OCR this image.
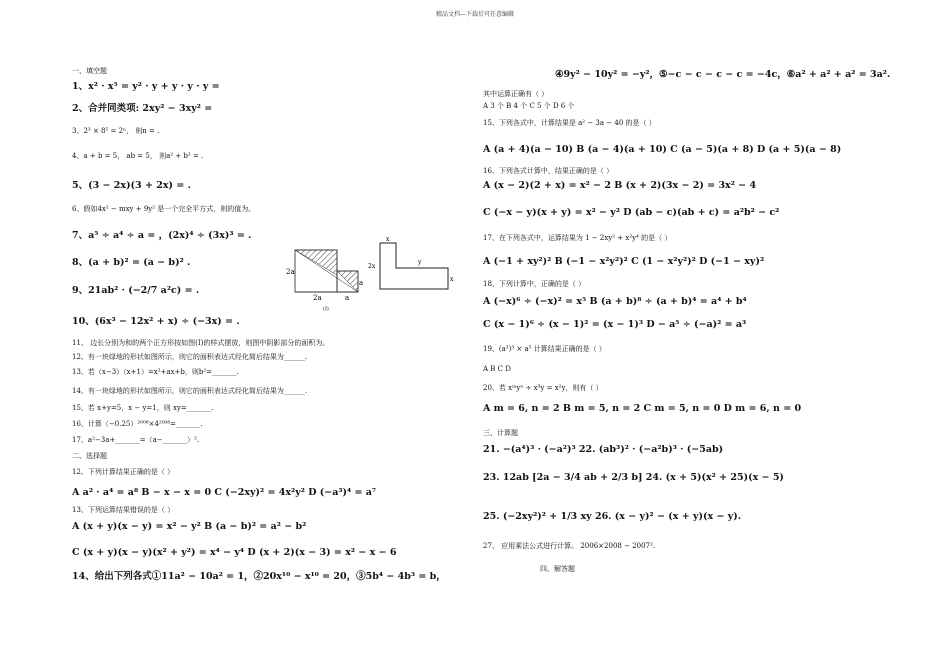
精品文档---下载后可任意编辑
一、填空题
1、x² · x⁵ = y² · y + y · y · y =
2、合并同类项: 2xy² − 3xy² =
3、2³ × 8⁵ = 2ⁿ， 则n = .
4、a + b = 5， ab = 5， 则a² + b² = .
5、(3 − 2x)(3 + 2x) = .
6、假如4x² − mxy + 9y² 是一个完全平方式，则的值为。
7、a⁵ ÷ a⁴ ÷ a = ，(2x)⁴ ÷ (3x)³ = .
8、(a + b)² = (a − b)² .
9、21ab² · (−2/7 a²c) = .
10、(6x³ − 12x² + x) ÷ (−3x) = .
11、 边长分别为和的两个正方形按如图(I)的样式摆放，则图中阴影部分的面积为。
12、有一块绿地的形状如图所示，则它的面积表达式经化简后结果为______.
13、若（x−3）（x+1）=x²+ax+b，则b²=_______.
14、有一块绿地的形状如图所示，则它的面积表达式经化简后结果为______.
15、若 x+y=5，x − y=1，则 xy=_______.
16、计算（−0.25）²⁰⁰⁸×4²⁰⁰⁸=_______.
17、a²−3a+_______=（a−_______）².
二、选择题
12、下列计算结果正确的是（ ）
A a² · a⁴ = a⁸ B − x − x = 0 C (−2xy)² = 4x²y² D (−a³)⁴ = a⁷
13、下列运算结果错误的是（ ）
A (x + y)(x − y) = x² − y² B (a − b)² = a² − b²
C (x + y)(x − y)(x² + y²) = x⁴ − y⁴ D (x + 2)(x − 3) = x² − x − 6
14、给出下列各式①11a² − 10a² = 1，②20x¹⁰ − x¹⁰ = 20，③5b⁴ − 4b³ = b，
④9y² − 10y² = −y²，⑤−c − c − c − c = −4c，⑥a² + a² + a² = 3a².
其中运算正确有（ ）
A 3 个 B 4 个 C 5 个 D 6 个
15、下列各式中，计算结果是 a² − 3a − 40 的是（ ）
A (a + 4)(a − 10) B (a − 4)(a + 10) C (a − 5)(a + 8) D (a + 5)(a − 8)
16、下列各式计算中，结果正确的是（ ）
A (x − 2)(2 + x) = x² − 2 B (x + 2)(3x − 2) = 3x² − 4
C (−x − y)(x + y) = x² − y² D (ab − c)(ab + c) = a²b² − c²
17、在下列各式中，运算结果为 1 − 2xy² + x²y⁴ 的是（ ）
A (−1 + xy²)² B (−1 − x²y²)² C (1 − x²y²)² D (−1 − xy)²
18、下列计算中，正确的是（ ）
A (−x)⁶ ÷ (−x)² = x⁵ B (a + b)⁸ ÷ (a + b)⁴ = a⁴ + b⁴
C (x − 1)⁶ ÷ (x − 1)² = (x − 1)³ D − a⁵ ÷ (−a)² = a³
19、(a³)³ × a⁵ 计算结果正确的是（ ）
A B C D
20、若 xᵐyⁿ ÷ x³y = x²y，则有（ ）
A m = 6, n = 2 B m = 5, n = 2 C m = 5, n = 0 D m = 6, n = 0
三、计算题
21. −(a⁴)³ · (−a²)³ 22. (ab³)² · (−a²b)³ · (−5ab)
23. 12ab [2a − 3/4 ab + 2/3 b] 24. (x + 5)(x² + 25)(x − 5)
25. (−2xy²)² + 1/3 xy 26. (x − y)² − (x + y)(x − y).
27、 应用乘法公式进行计算。 2006×2008 − 2007².
四、解答题
2a
2a
a
a
(I)
x
y
2x
x
